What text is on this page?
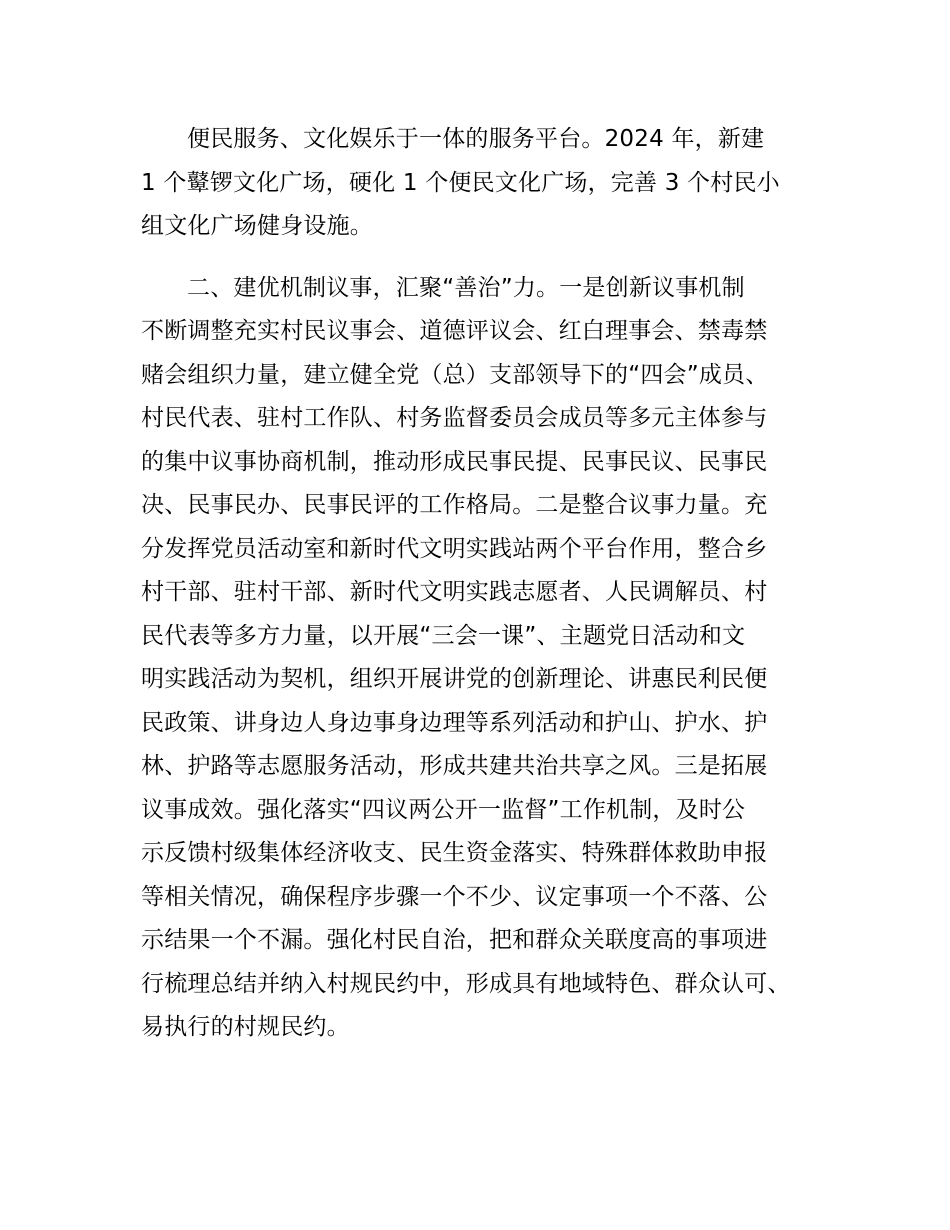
便民服务、文化娱乐于一体的服务平台。2024 年，新建
1 个鼙锣文化广场，硬化 1 个便民文化广场，完善 3 个村民小
组文化广场健身设施。
二、建优机制议事，汇聚“善治”力。一是创新议事机制
不断调整充实村民议事会、道德评议会、红白理事会、禁毒禁
赌会组织力量，建立健全党（总）支部领导下的“四会”成员、
村民代表、驻村工作队、村务监督委员会成员等多元主体参与
的集中议事协商机制，推动形成民事民提、民事民议、民事民
决、民事民办、民事民评的工作格局。二是整合议事力量。充
分发挥党员活动室和新时代文明实践站两个平台作用，整合乡
村干部、驻村干部、新时代文明实践志愿者、人民调解员、村
民代表等多方力量，以开展“三会一课”、主题党日活动和文
明实践活动为契机，组织开展讲党的创新理论、讲惠民利民便
民政策、讲身边人身边事身边理等系列活动和护山、护水、护
林、护路等志愿服务活动，形成共建共治共享之风。三是拓展
议事成效。强化落实“四议两公开一监督”工作机制，及时公
示反馈村级集体经济收支、民生资金落实、特殊群体救助申报
等相关情况，确保程序步骤一个不少、议定事项一个不落、公
示结果一个不漏。强化村民自治，把和群众关联度高的事项进
行梳理总结并纳入村规民约中，形成具有地域特色、群众认可、
易执行的村规民约。
